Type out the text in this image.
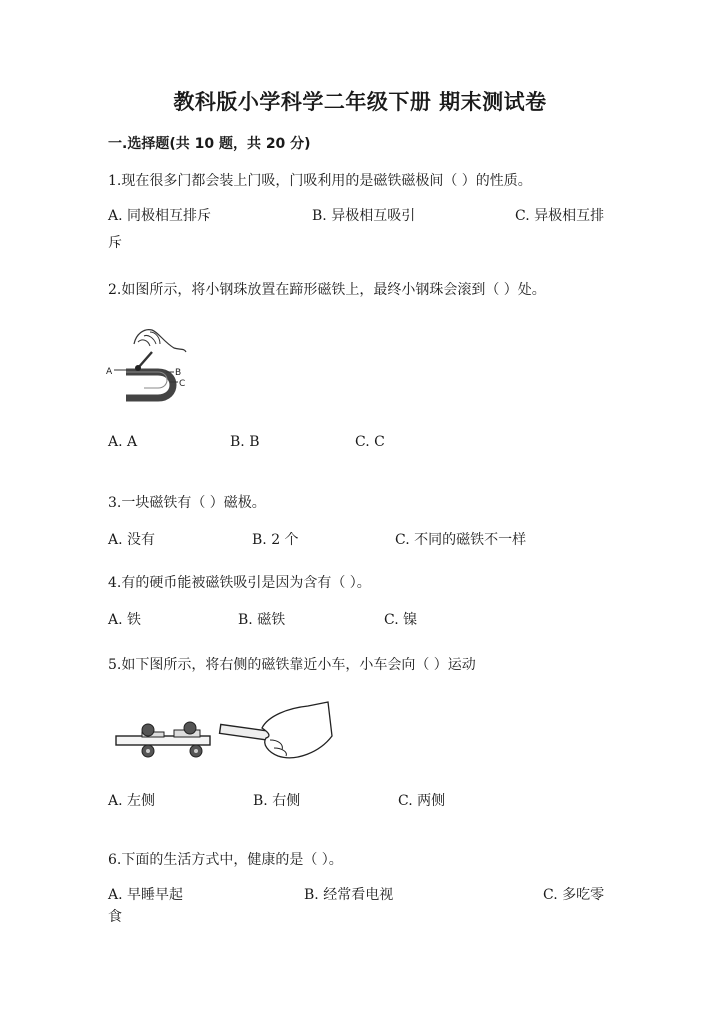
教科版小学科学二年级下册 期末测试卷
一.选择题(共 10 题，共 20 分)
1.现在很多门都会装上门吸，门吸利用的是磁铁磁极间（ ）的性质。
A. 同极相互排斥	B. 异极相互吸引	C. 异极相互排
斥
2.如图所示，将小钢珠放置在蹄形磁铁上，最终小钢珠会滚到（ ）处。
A	B
C
A. A	B. B	C. C
3.一块磁铁有（ ）磁极。
A. 没有	B. 2 个	C. 不同的磁铁不一样
4.有的硬币能被磁铁吸引是因为含有（ ）。
A. 铁	B. 磁铁	C. 镍
5.如下图所示，将右侧的磁铁靠近小车，小车会向（ ）运动
A. 左侧	B. 右侧	C. 两侧
6.下面的生活方式中，健康的是（ ）。
A. 早睡早起	B. 经常看电视	C. 多吃零
食
